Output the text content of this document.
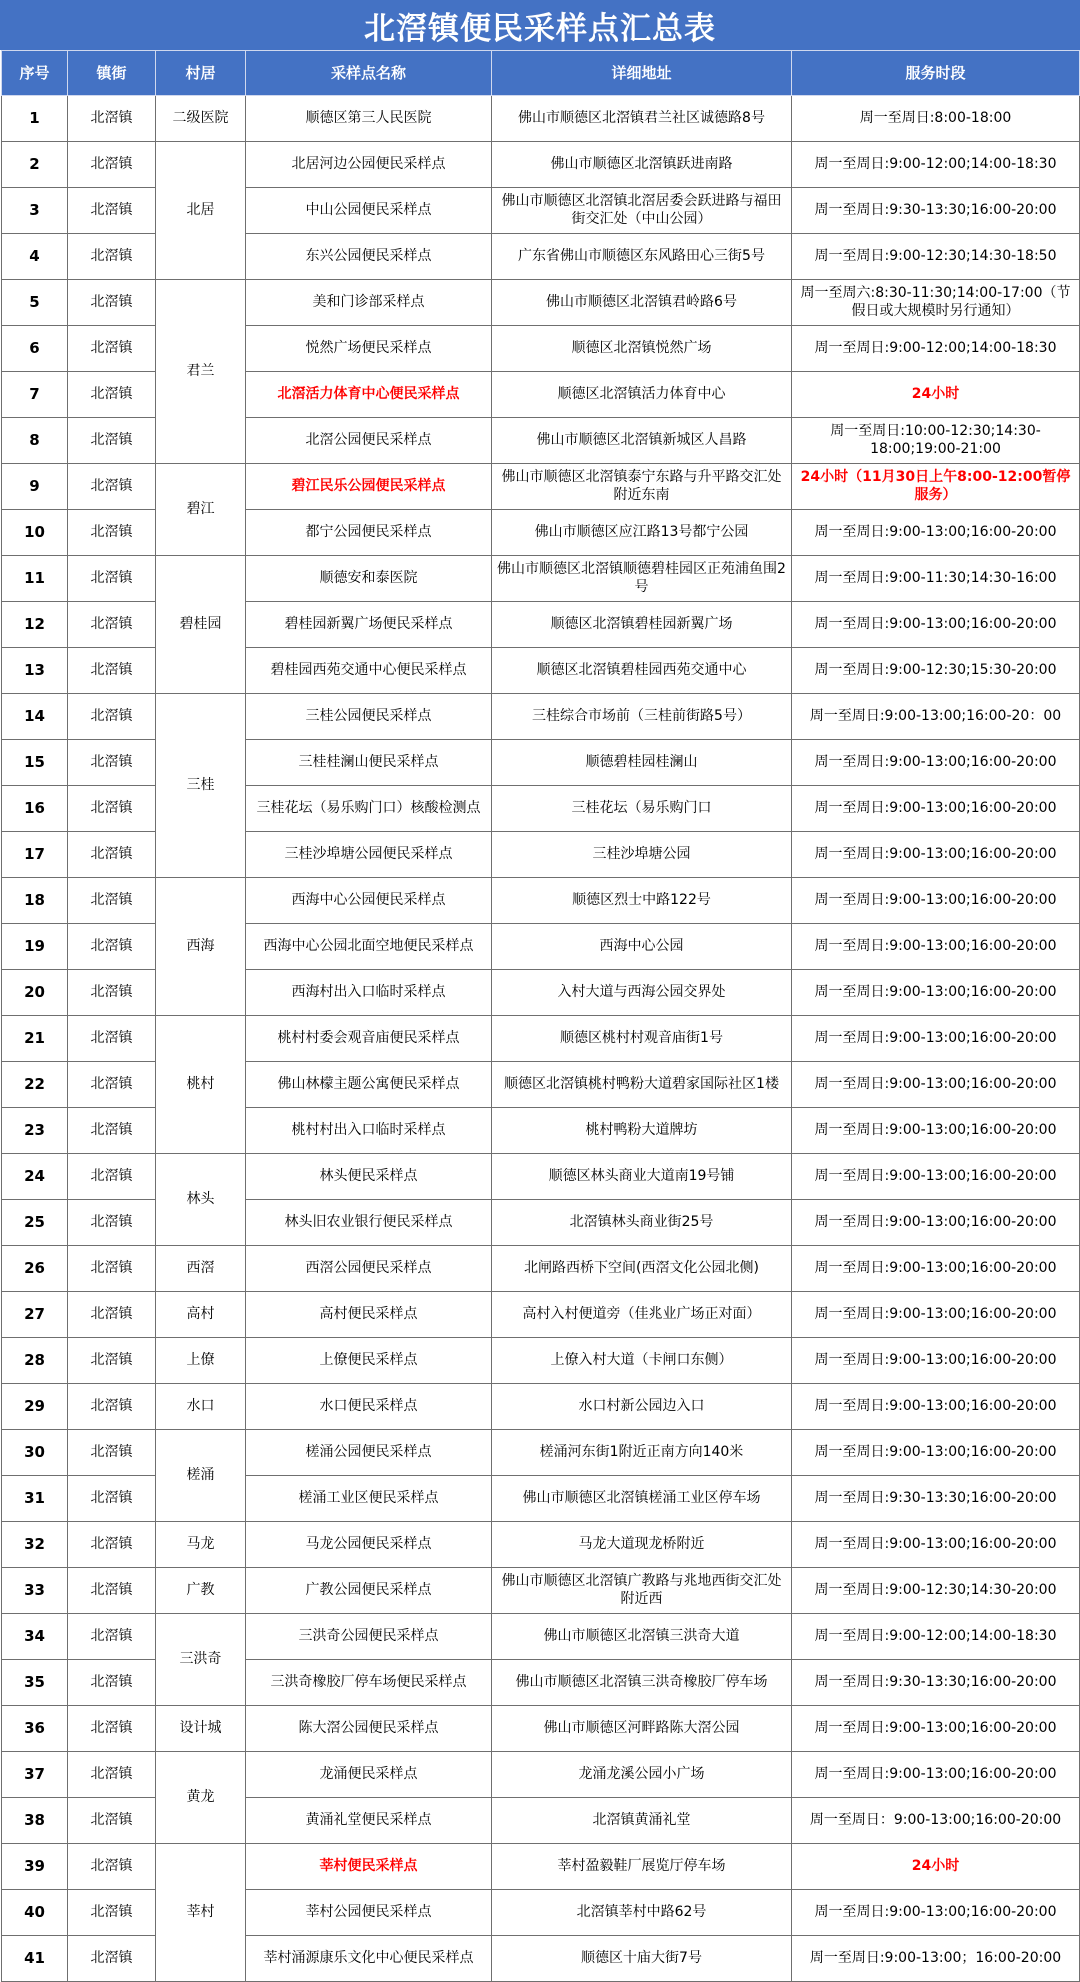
北滘镇便民采样点汇总表
序号	镇街	村居	采样点名称	详细地址	服务时段
1	北滘镇	二级医院	顺德区第三人民医院	佛山市顺德区北滘镇君兰社区诚德路8号	周一至周日:8:00-18:00
2	北滘镇	北居	北居河边公园便民采样点	佛山市顺德区北滘镇跃进南路	周一至周日:9:00-12:00;14:00-18:30
3	北滘镇		中山公园便民采样点	佛山市顺德区北滘镇北滘居委会跃进路与福田街交汇处（中山公园）	周一至周日:9:30-13:30;16:00-20:00
4	北滘镇		东兴公园便民采样点	广东省佛山市顺德区东风路田心三街5号	周一至周日:9:00-12:30;14:30-18:50
5	北滘镇	君兰	美和门诊部采样点	佛山市顺德区北滘镇君岭路6号	周一至周六:8:30-11:30;14:00-17:00（节假日或大规模时另行通知）
6	北滘镇		悦然广场便民采样点	顺德区北滘镇悦然广场	周一至周日:9:00-12:00;14:00-18:30
7	北滘镇		北滘活力体育中心便民采样点	顺德区北滘镇活力体育中心	24小时
8	北滘镇		北滘公园便民采样点	佛山市顺德区北滘镇新城区人昌路	周一至周日:10:00-12:30;14:30-18:00;19:00-21:00
9	北滘镇	碧江	碧江民乐公园便民采样点	佛山市顺德区北滘镇泰宁东路与升平路交汇处附近东南	24小时（11月30日上午8:00-12:00暂停服务）
10	北滘镇		都宁公园便民采样点	佛山市顺德区应江路13号都宁公园	周一至周日:9:00-13:00;16:00-20:00
11	北滘镇	碧桂园	顺德安和泰医院	佛山市顺德区北滘镇顺德碧桂园区正苑浦鱼围2号	周一至周日:9:00-11:30;14:30-16:00
12	北滘镇		碧桂园新翼广场便民采样点	顺德区北滘镇碧桂园新翼广场	周一至周日:9:00-13:00;16:00-20:00
13	北滘镇		碧桂园西苑交通中心便民采样点	顺德区北滘镇碧桂园西苑交通中心	周一至周日:9:00-12:30;15:30-20:00
14	北滘镇	三桂	三桂公园便民采样点	三桂综合市场前（三桂前街路5号）	周一至周日:9:00-13:00;16:00-20：00
15	北滘镇		三桂桂澜山便民采样点	顺德碧桂园桂澜山	周一至周日:9:00-13:00;16:00-20:00
16	北滘镇		三桂花坛（易乐购门口）核酸检测点	三桂花坛（易乐购门口	周一至周日:9:00-13:00;16:00-20:00
17	北滘镇		三桂沙埠塘公园便民采样点	三桂沙埠塘公园	周一至周日:9:00-13:00;16:00-20:00
18	北滘镇	西海	西海中心公园便民采样点	顺德区烈士中路122号	周一至周日:9:00-13:00;16:00-20:00
19	北滘镇		西海中心公园北面空地便民采样点	西海中心公园	周一至周日:9:00-13:00;16:00-20:00
20	北滘镇		西海村出入口临时采样点	入村大道与西海公园交界处	周一至周日:9:00-13:00;16:00-20:00
21	北滘镇	桃村	桃村村委会观音庙便民采样点	顺德区桃村村观音庙街1号	周一至周日:9:00-13:00;16:00-20:00
22	北滘镇		佛山林檬主题公寓便民采样点	顺德区北滘镇桃村鸭粉大道碧家国际社区1楼	周一至周日:9:00-13:00;16:00-20:00
23	北滘镇		桃村村出入口临时采样点	桃村鸭粉大道牌坊	周一至周日:9:00-13:00;16:00-20:00
24	北滘镇	林头	林头便民采样点	顺德区林头商业大道南19号铺	周一至周日:9:00-13:00;16:00-20:00
25	北滘镇		林头旧农业银行便民采样点	北滘镇林头商业街25号	周一至周日:9:00-13:00;16:00-20:00
26	北滘镇	西滘	西滘公园便民采样点	北闸路西桥下空间(西滘文化公园北侧)	周一至周日:9:00-13:00;16:00-20:00
27	北滘镇	高村	高村便民采样点	高村入村便道旁（佳兆业广场正对面）	周一至周日:9:00-13:00;16:00-20:00
28	北滘镇	上僚	上僚便民采样点	上僚入村大道（卡闸口东侧）	周一至周日:9:00-13:00;16:00-20:00
29	北滘镇	水口	水口便民采样点	水口村新公园边入口	周一至周日:9:00-13:00;16:00-20:00
30	北滘镇	槎涌	槎涌公园便民采样点	槎涌河东街1附近正南方向140米	周一至周日:9:00-13:00;16:00-20:00
31	北滘镇		槎涌工业区便民采样点	佛山市顺德区北滘镇槎涌工业区停车场	周一至周日:9:30-13:30;16:00-20:00
32	北滘镇	马龙	马龙公园便民采样点	马龙大道现龙桥附近	周一至周日:9:00-13:00;16:00-20:00
33	北滘镇	广教	广教公园便民采样点	佛山市顺德区北滘镇广教路与兆地西街交汇处附近西	周一至周日:9:00-12:30;14:30-20:00
34	北滘镇	三洪奇	三洪奇公园便民采样点	佛山市顺德区北滘镇三洪奇大道	周一至周日:9:00-12:00;14:00-18:30
35	北滘镇		三洪奇橡胶厂停车场便民采样点	佛山市顺德区北滘镇三洪奇橡胶厂停车场	周一至周日:9:30-13:30;16:00-20:00
36	北滘镇	设计城	陈大滘公园便民采样点	佛山市顺德区河畔路陈大滘公园	周一至周日:9:00-13:00;16:00-20:00
37	北滘镇	黄龙	龙涌便民采样点	龙涌龙溪公园小广场	周一至周日:9:00-13:00;16:00-20:00
38	北滘镇		黄涌礼堂便民采样点	北滘镇黄涌礼堂	周一至周日：9:00-13:00;16:00-20:00
39	北滘镇	莘村	莘村便民采样点	莘村盈毅鞋厂展览厅停车场	24小时
40	北滘镇		莘村公园便民采样点	北滘镇莘村中路62号	周一至周日:9:00-13:00;16:00-20:00
41	北滘镇		莘村涌源康乐文化中心便民采样点	顺德区十庙大街7号	周一至周日:9:00-13:00；16:00-20:00
